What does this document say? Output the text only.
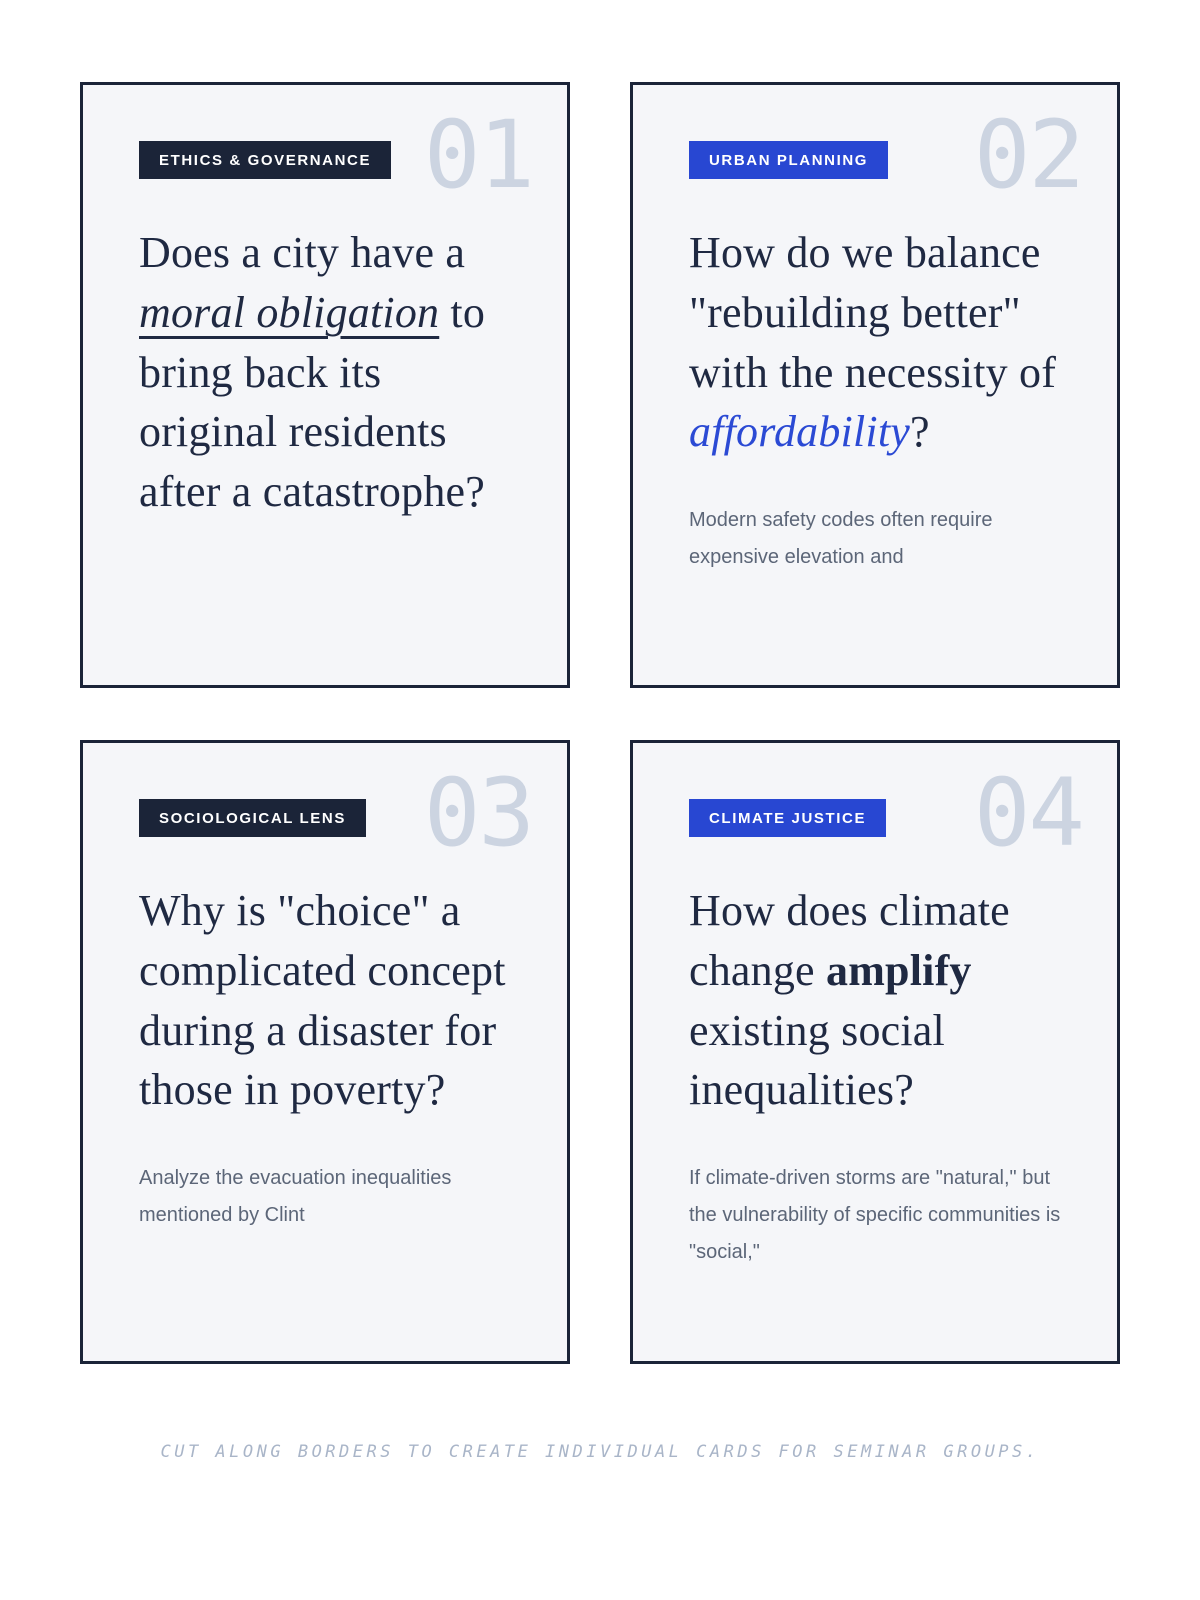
01
ETHICS & GOVERNANCE
Does a city have a moral obligation to bring back its original residents after a catastrophe?
02
URBAN PLANNING
How do we balance "rebuilding better" with the necessity of affordability?
Modern safety codes often require expensive elevation and
03
SOCIOLOGICAL LENS
Why is "choice" a complicated concept during a disaster for those in poverty?
Analyze the evacuation inequalities mentioned by Clint
04
CLIMATE JUSTICE
How does climate change amplify existing social inequalities?
If climate-driven storms are "natural," but the vulnerability of specific communities is "social,"
CUT ALONG BORDERS TO CREATE INDIVIDUAL CARDS FOR SEMINAR GROUPS.
